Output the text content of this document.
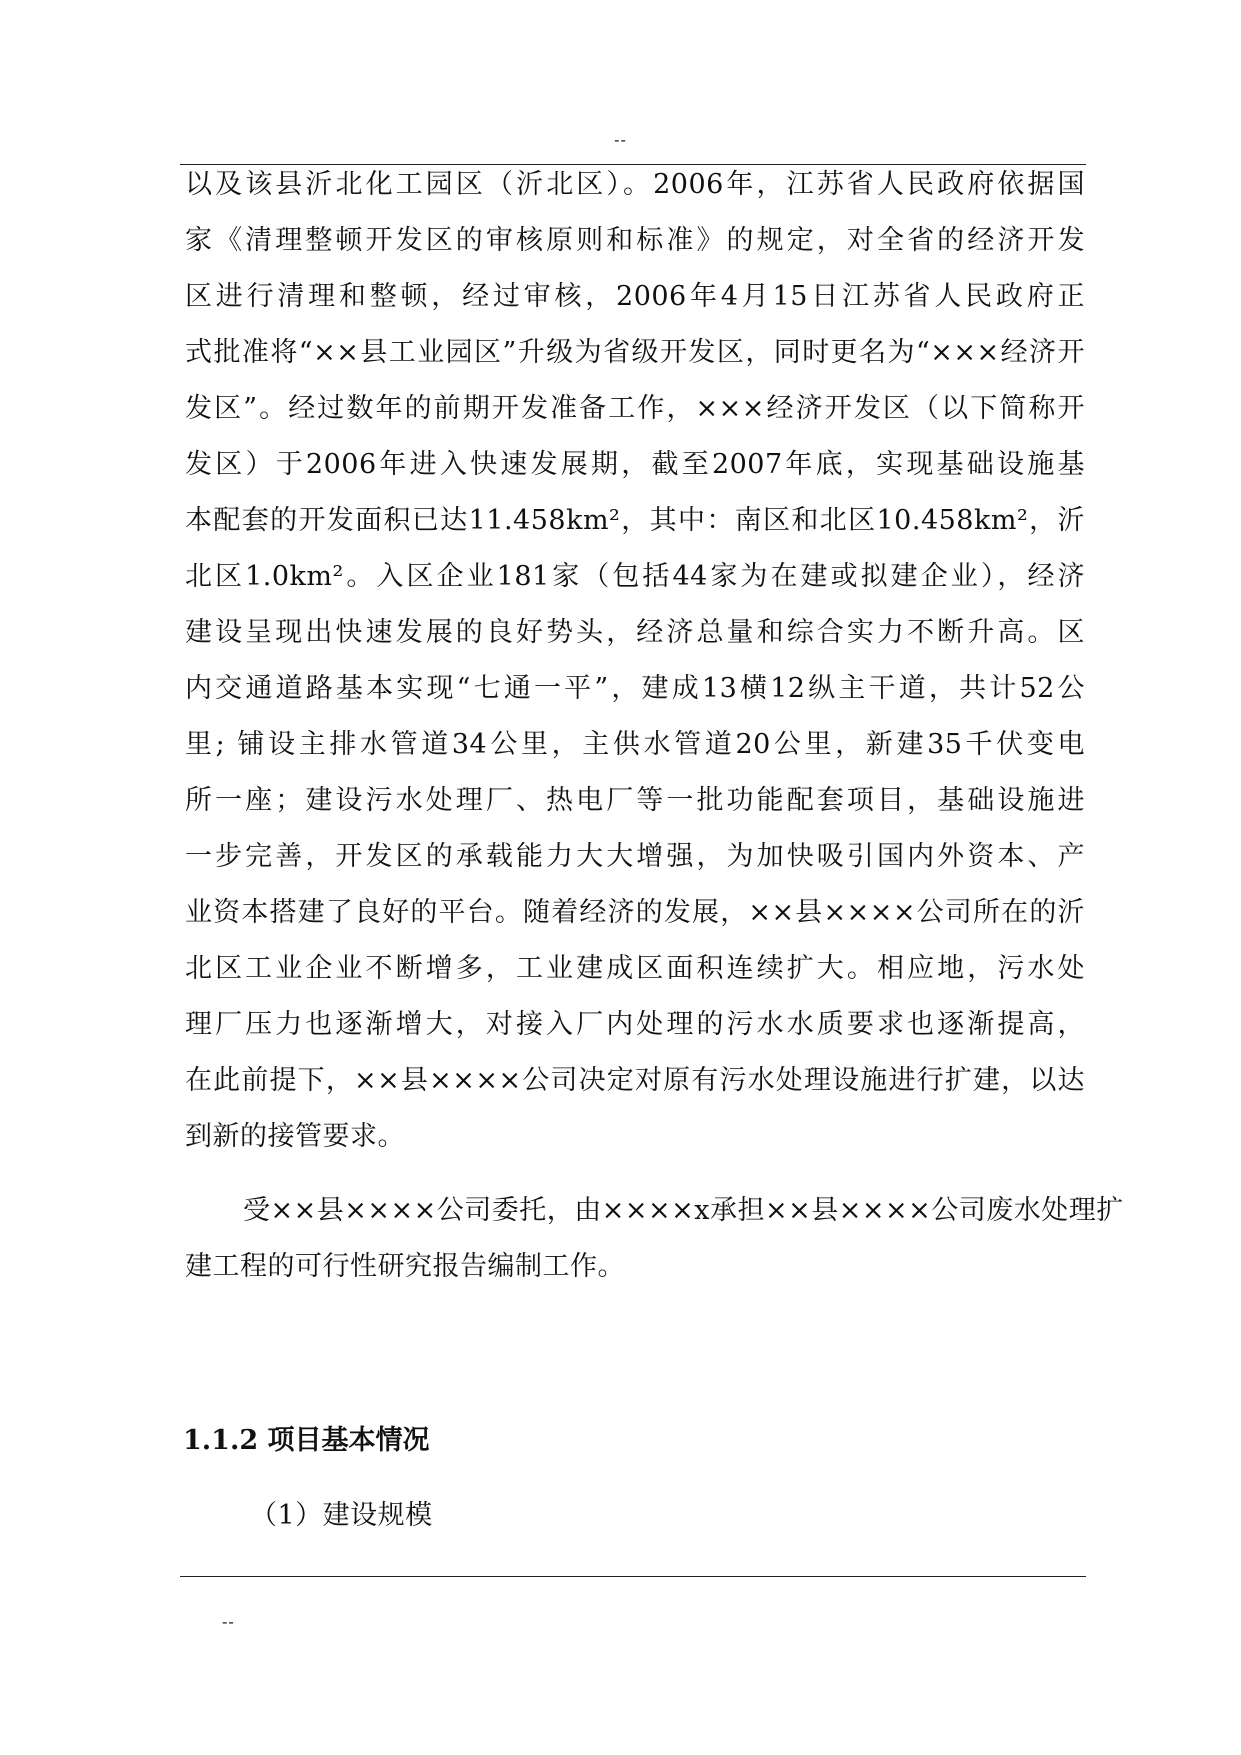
--
以及该县沂北化工园区（沂北区）。2006年，江苏省人民政府依据国
家《清理整顿开发区的审核原则和标准》的规定，对全省的经济开发
区进行清理和整顿，经过审核，2006年4月15日江苏省人民政府正
式批准将“××县工业园区”升级为省级开发区，同时更名为“×××经济开
发区”。经过数年的前期开发准备工作，×××经济开发区（以下简称开
发区）于2006年进入快速发展期，截至2007年底，实现基础设施基
本配套的开发面积已达11.458km²，其中：南区和北区10.458km²，沂
北区1.0km²。入区企业181家（包括44家为在建或拟建企业），经济
建设呈现出快速发展的良好势头，经济总量和综合实力不断升高。区
内交通道路基本实现“七通一平”，建成13横12纵主干道，共计52公
里; 铺设主排水管道34公里，主供水管道20公里，新建35千伏变电
所一座；建设污水处理厂、热电厂等一批功能配套项目，基础设施进
一步完善，开发区的承载能力大大增强，为加快吸引国内外资本、产
业资本搭建了良好的平台。随着经济的发展，××县××××公司所在的沂
北区工业企业不断增多，工业建成区面积连续扩大。相应地，污水处
理厂压力也逐渐增大，对接入厂内处理的污水水质要求也逐渐提高，
在此前提下，××县××××公司决定对原有污水处理设施进行扩建，以达
到新的接管要求。
受××县××××公司委托，由××××x承担××县××××公司废水处理扩
建工程的可行性研究报告编制工作。
1.1.2 项目基本情况
（1）建设规模
--
